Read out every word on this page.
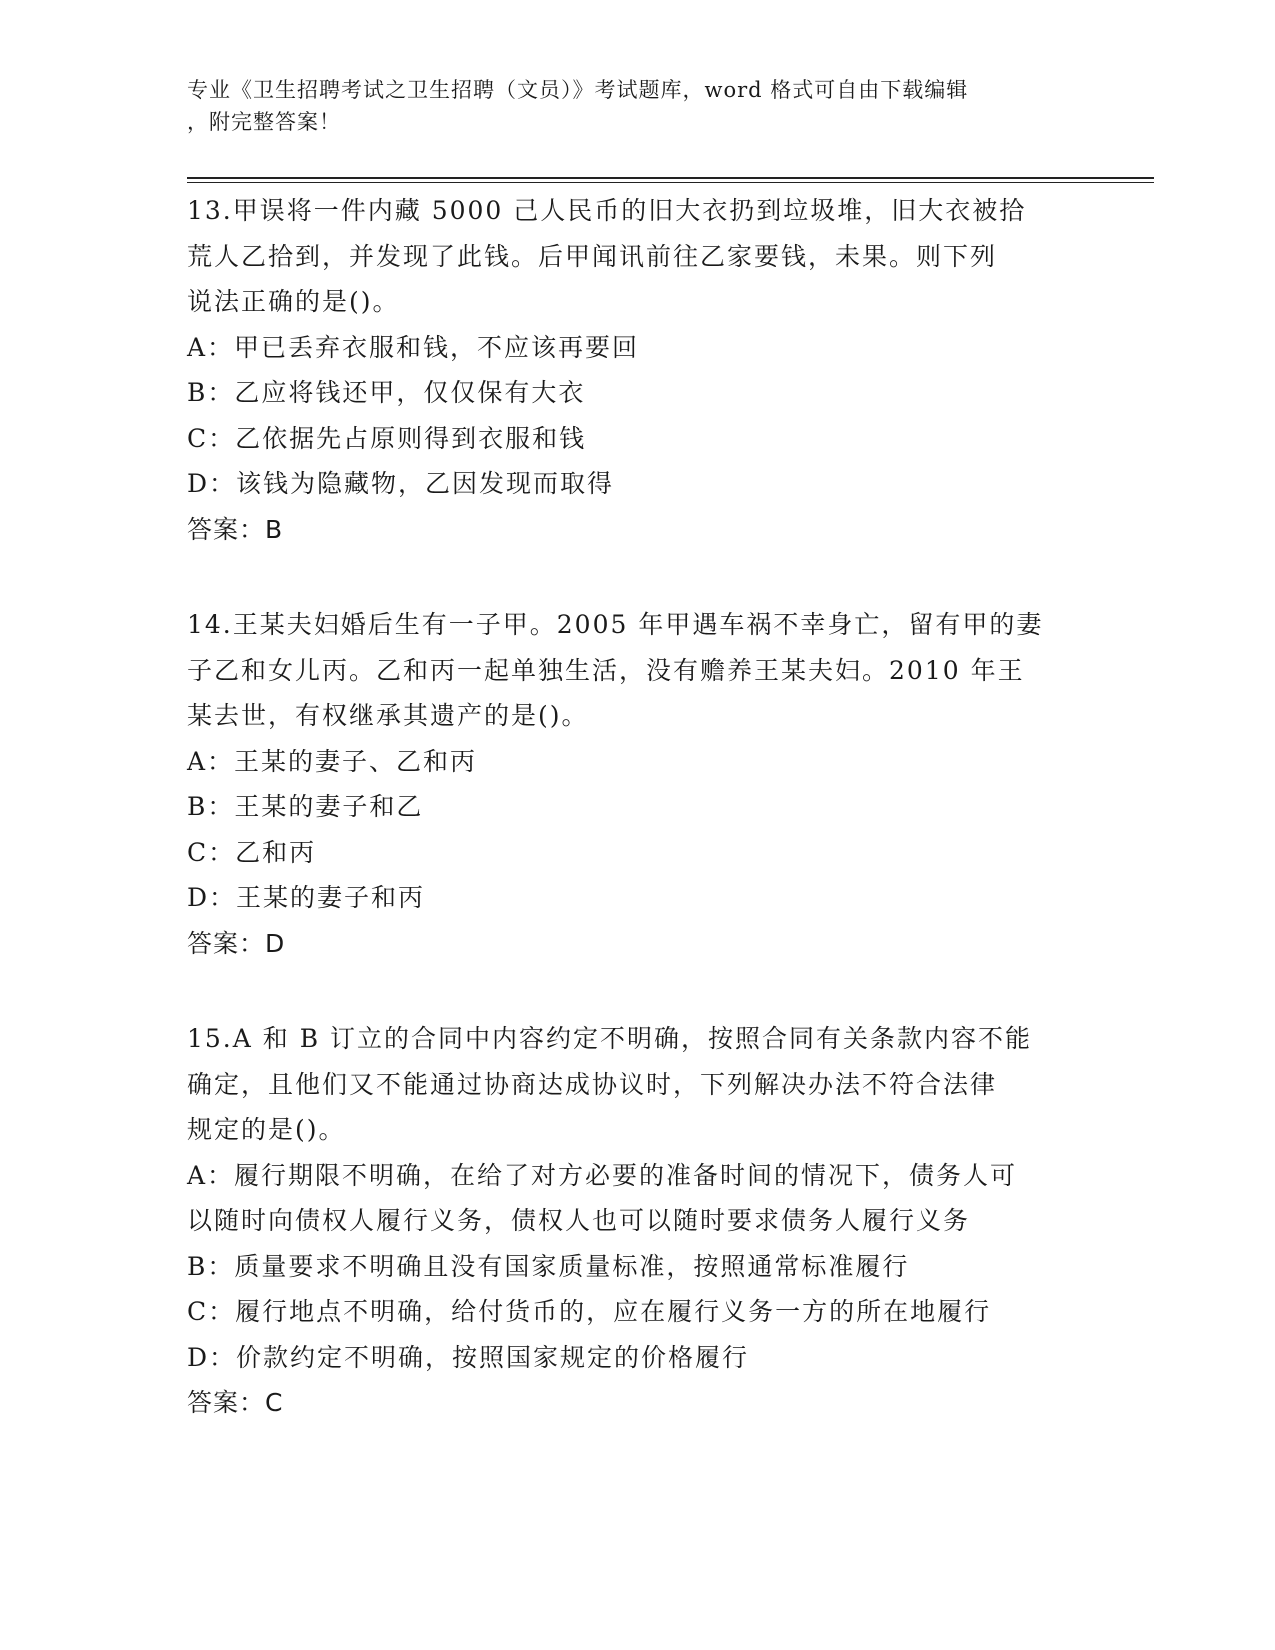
专业《卫生招聘考试之卫生招聘（文员）》考试题库，word 格式可自由下载编辑
，附完整答案！
13.甲误将一件内藏 5000 己人民币的旧大衣扔到垃圾堆，旧大衣被拾
荒人乙拾到，并发现了此钱。后甲闻讯前往乙家要钱，未果。则下列
说法正确的是()。
A：甲已丢弃衣服和钱，不应该再要回
B：乙应将钱还甲，仅仅保有大衣
C：乙依据先占原则得到衣服和钱
D：该钱为隐藏物，乙因发现而取得
答案：B
14.王某夫妇婚后生有一子甲。2005 年甲遇车祸不幸身亡，留有甲的妻
子乙和女儿丙。乙和丙一起单独生活，没有赡养王某夫妇。2010 年王
某去世，有权继承其遗产的是()。
A：王某的妻子、乙和丙
B：王某的妻子和乙
C：乙和丙
D：王某的妻子和丙
答案：D
15.A 和 B 订立的合同中内容约定不明确，按照合同有关条款内容不能
确定，且他们又不能通过协商达成协议时，下列解决办法不符合法律
规定的是()。
A：履行期限不明确，在给了对方必要的准备时间的情况下，债务人可
以随时向债权人履行义务，债权人也可以随时要求债务人履行义务
B：质量要求不明确且没有国家质量标准，按照通常标准履行
C：履行地点不明确，给付货币的，应在履行义务一方的所在地履行
D：价款约定不明确，按照国家规定的价格履行
答案：C
